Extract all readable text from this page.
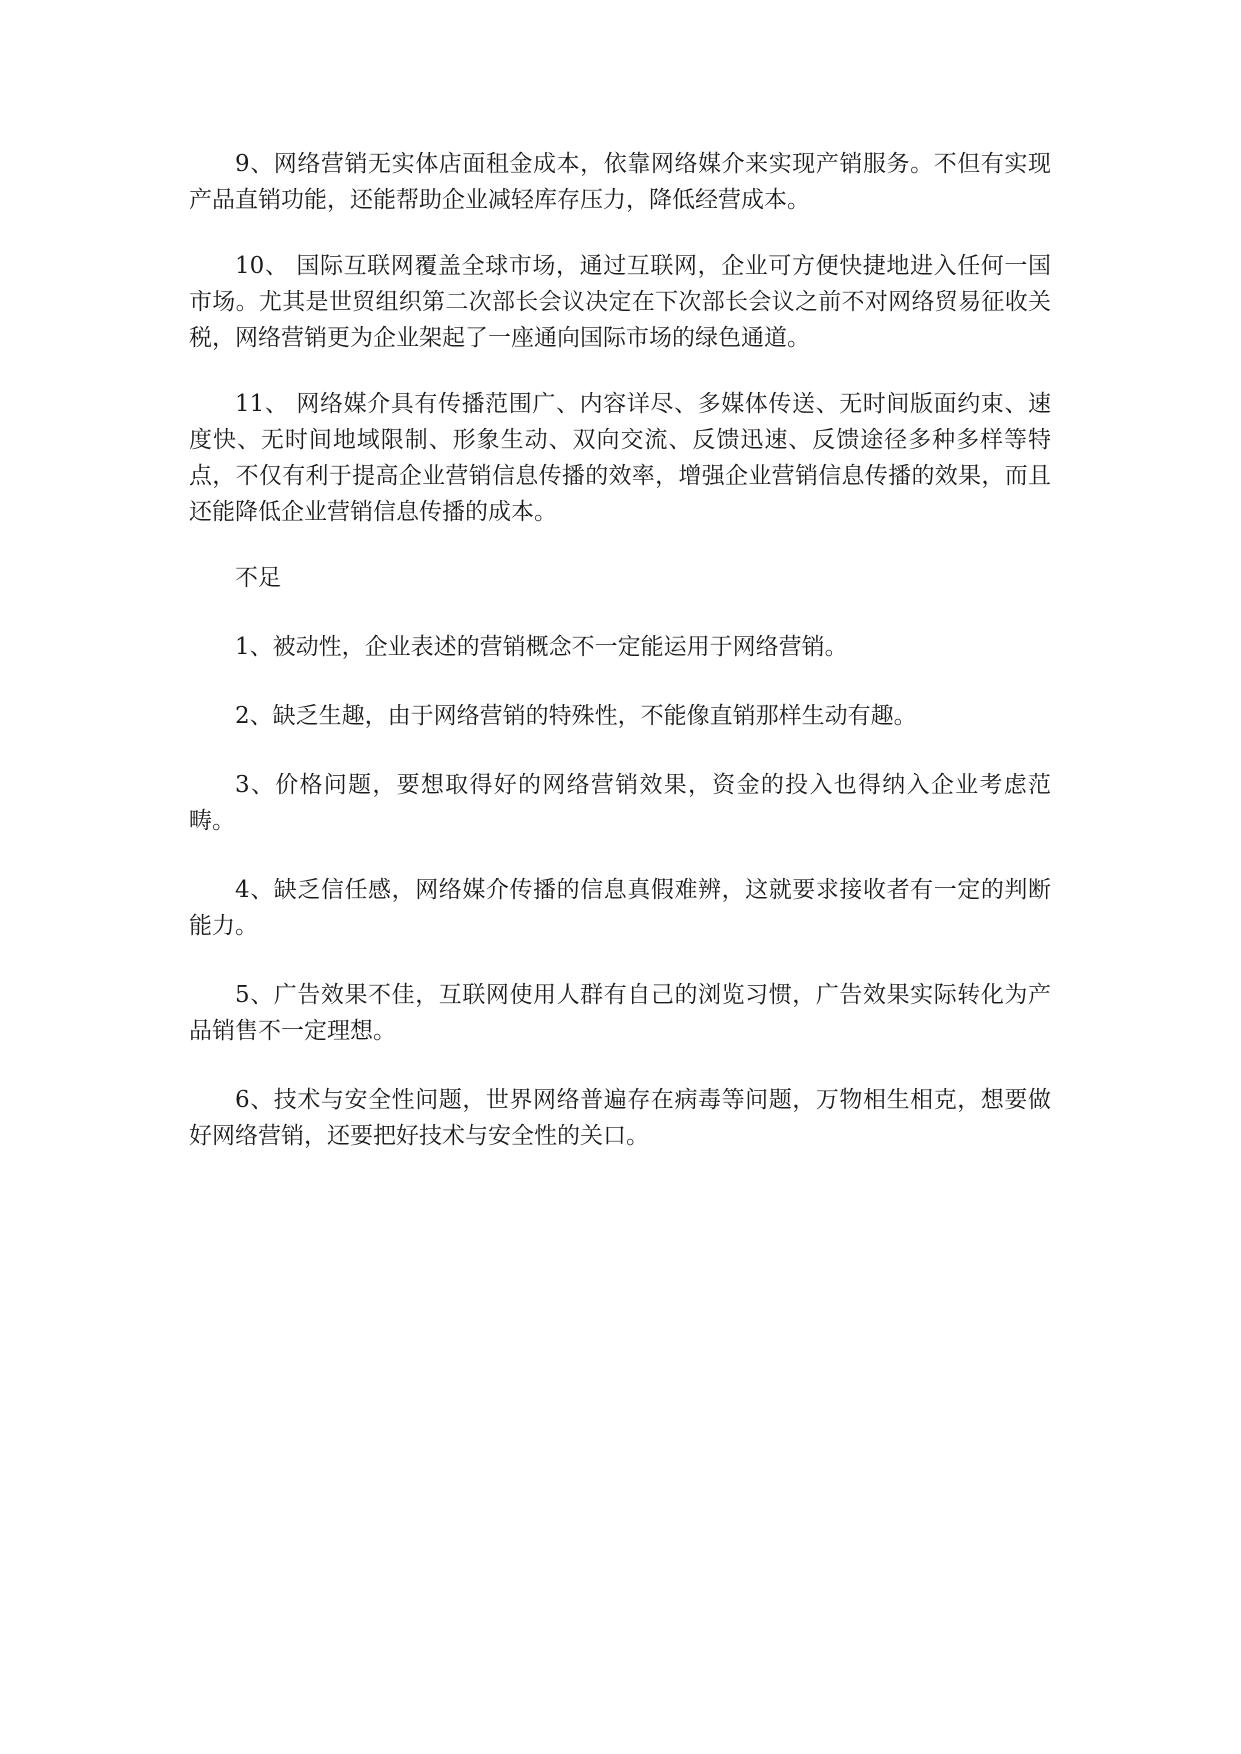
9、网络营销无实体店面租金成本，依靠网络媒介来实现产销服务。不但有实现产品直销功能，还能帮助企业减轻库存压力，降低经营成本。

10、 国际互联网覆盖全球市场，通过互联网，企业可方便快捷地进入任何一国市场。尤其是世贸组织第二次部长会议决定在下次部长会议之前不对网络贸易征收关税，网络营销更为企业架起了一座通向国际市场的绿色通道。

11、 网络媒介具有传播范围广、内容详尽、多媒体传送、无时间版面约束、速度快、无时间地域限制、形象生动、双向交流、反馈迅速、反馈途径多种多样等特点，不仅有利于提高企业营销信息传播的效率，增强企业营销信息传播的效果，而且还能降低企业营销信息传播的成本。

不足

1、被动性，企业表述的营销概念不一定能运用于网络营销。

2、缺乏生趣，由于网络营销的特殊性，不能像直销那样生动有趣。

3、价格问题，要想取得好的网络营销效果，资金的投入也得纳入企业考虑范畴。

4、缺乏信任感，网络媒介传播的信息真假难辨，这就要求接收者有一定的判断能力。

5、广告效果不佳，互联网使用人群有自己的浏览习惯，广告效果实际转化为产品销售不一定理想。

6、技术与安全性问题，世界网络普遍存在病毒等问题，万物相生相克，想要做好网络营销，还要把好技术与安全性的关口。
